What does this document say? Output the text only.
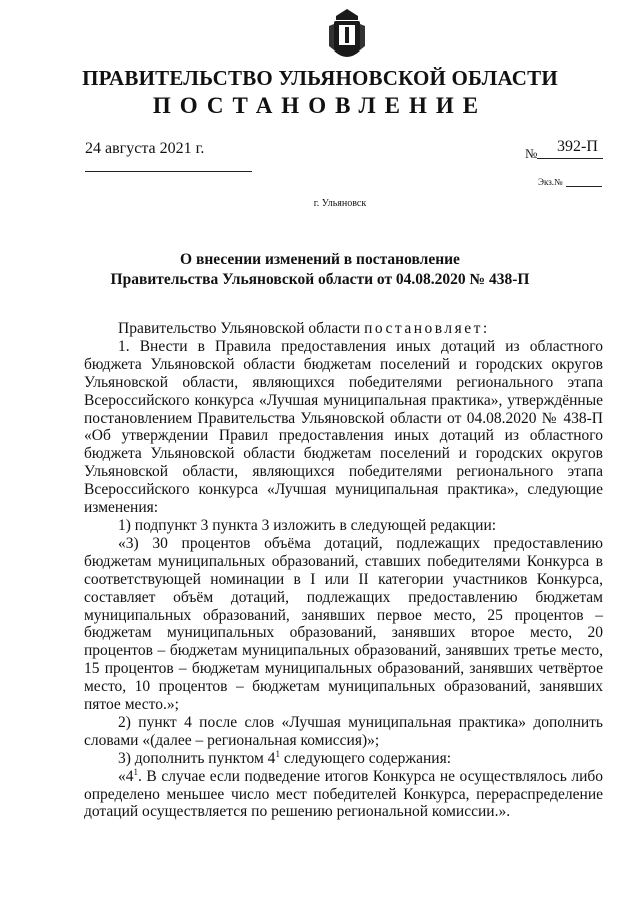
ПРАВИТЕЛЬСТВО УЛЬЯНОВСКОЙ ОБЛАСТИ
ПОСТАНОВЛЕНИЕ
24 августа 2021 г.	№ 392-П
Экз.№
г. Ульяновск
О внесении изменений в постановление
Правительства Ульяновской области от 04.08.2020 № 438-П

Правительство Ульяновской области постановляет:

1. Внести в Правила предоставления иных дотаций из областного бюджета Ульяновской области бюджетам поселений и городских округов Ульяновской области, являющихся победителями регионального этапа Всероссийского конкурса «Лучшая муниципальная практика», утверждённые постановлением Правительства Ульяновской области от 04.08.2020 № 438-П «Об утверждении Правил предоставления иных дотаций из областного бюджета Ульяновской области бюджетам поселений и городских округов Ульяновской области, являющихся победителями регионального этапа Всероссийского конкурса «Лучшая муниципальная практика», следующие изменения:

1) подпункт 3 пункта 3 изложить в следующей редакции:

«3) 30 процентов объёма дотаций, подлежащих предоставлению бюджетам муниципальных образований, ставших победителями Конкурса в соответствующей номинации в I или II категории участников Конкурса, составляет объём дотаций, подлежащих предоставлению бюджетам муниципальных образований, занявших первое место, 25 процентов – бюджетам муниципальных образований, занявших второе место, 20 процентов – бюджетам муниципальных образований, занявших третье место, 15 процентов – бюджетам муниципальных образований, занявших четвёртое место, 10 процентов – бюджетам муниципальных образований, занявших пятое место.»;

2) пункт 4 после слов «Лучшая муниципальная практика» дополнить словами «(далее – региональная комиссия)»;

3) дополнить пунктом $4^1$ следующего содержания:

«$4^1$. В случае если подведение итогов Конкурса не осуществлялось либо определено меньшее число мест победителей Конкурса, перераспределение дотаций осуществляется по решению региональной комиссии.».
